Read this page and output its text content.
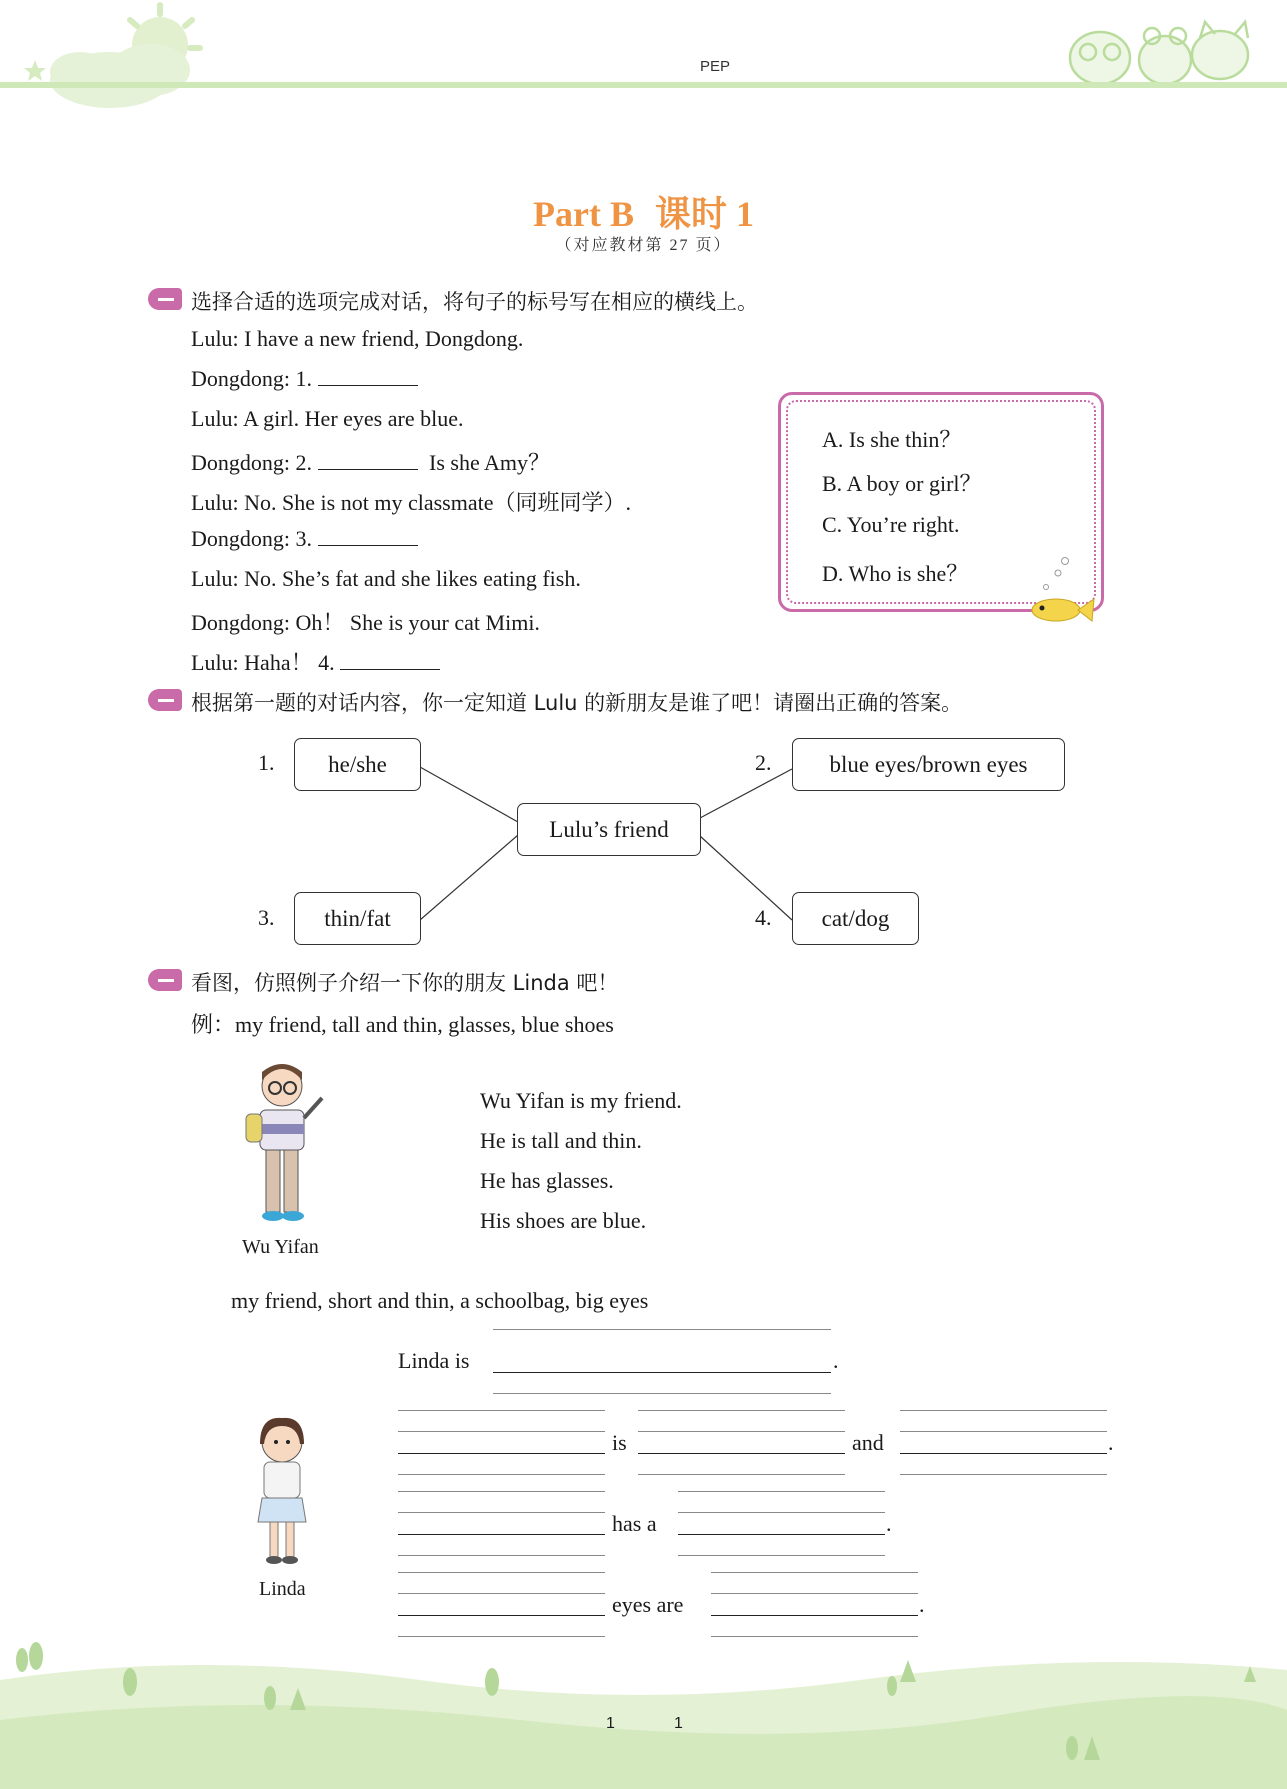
PEP
Part B 课时 1
（对应教材第 27 页）
选择合适的选项完成对话，将句子的标号写在相应的横线上。
Lulu: I have a new friend, Dongdong.
Dongdong: 1.
Lulu: A girl. Her eyes are blue.
Dongdong: 2.	Is she Amy？
Lulu: No. She is not my classmate（同班同学）.
Dongdong: 3.
Lulu: No. She’s fat and she likes eating fish.
Dongdong: Oh！ She is your cat Mimi.
Lulu: Haha！ 4.
A. Is she thin？
B. A boy or girl？
C. You’re right.
D. Who is she？
根据第一题的对话内容，你一定知道 Lulu 的新朋友是谁了吧！请圈出正确的答案。
1.	he/she	2.	blue eyes/brown eyes
Lulu’s friend
3.	thin/fat	4.	cat/dog
看图，仿照例子介绍一下你的朋友 Linda 吧！
例：my friend, tall and thin, glasses, blue shoes
Wu Yifan
Wu Yifan is my friend.
He is tall and thin.
He has glasses.
His shoes are blue.
my friend, short and thin, a schoolbag, big eyes
Linda is	.
is	and	.
has a	.
eyes are	.
Linda
1	1
